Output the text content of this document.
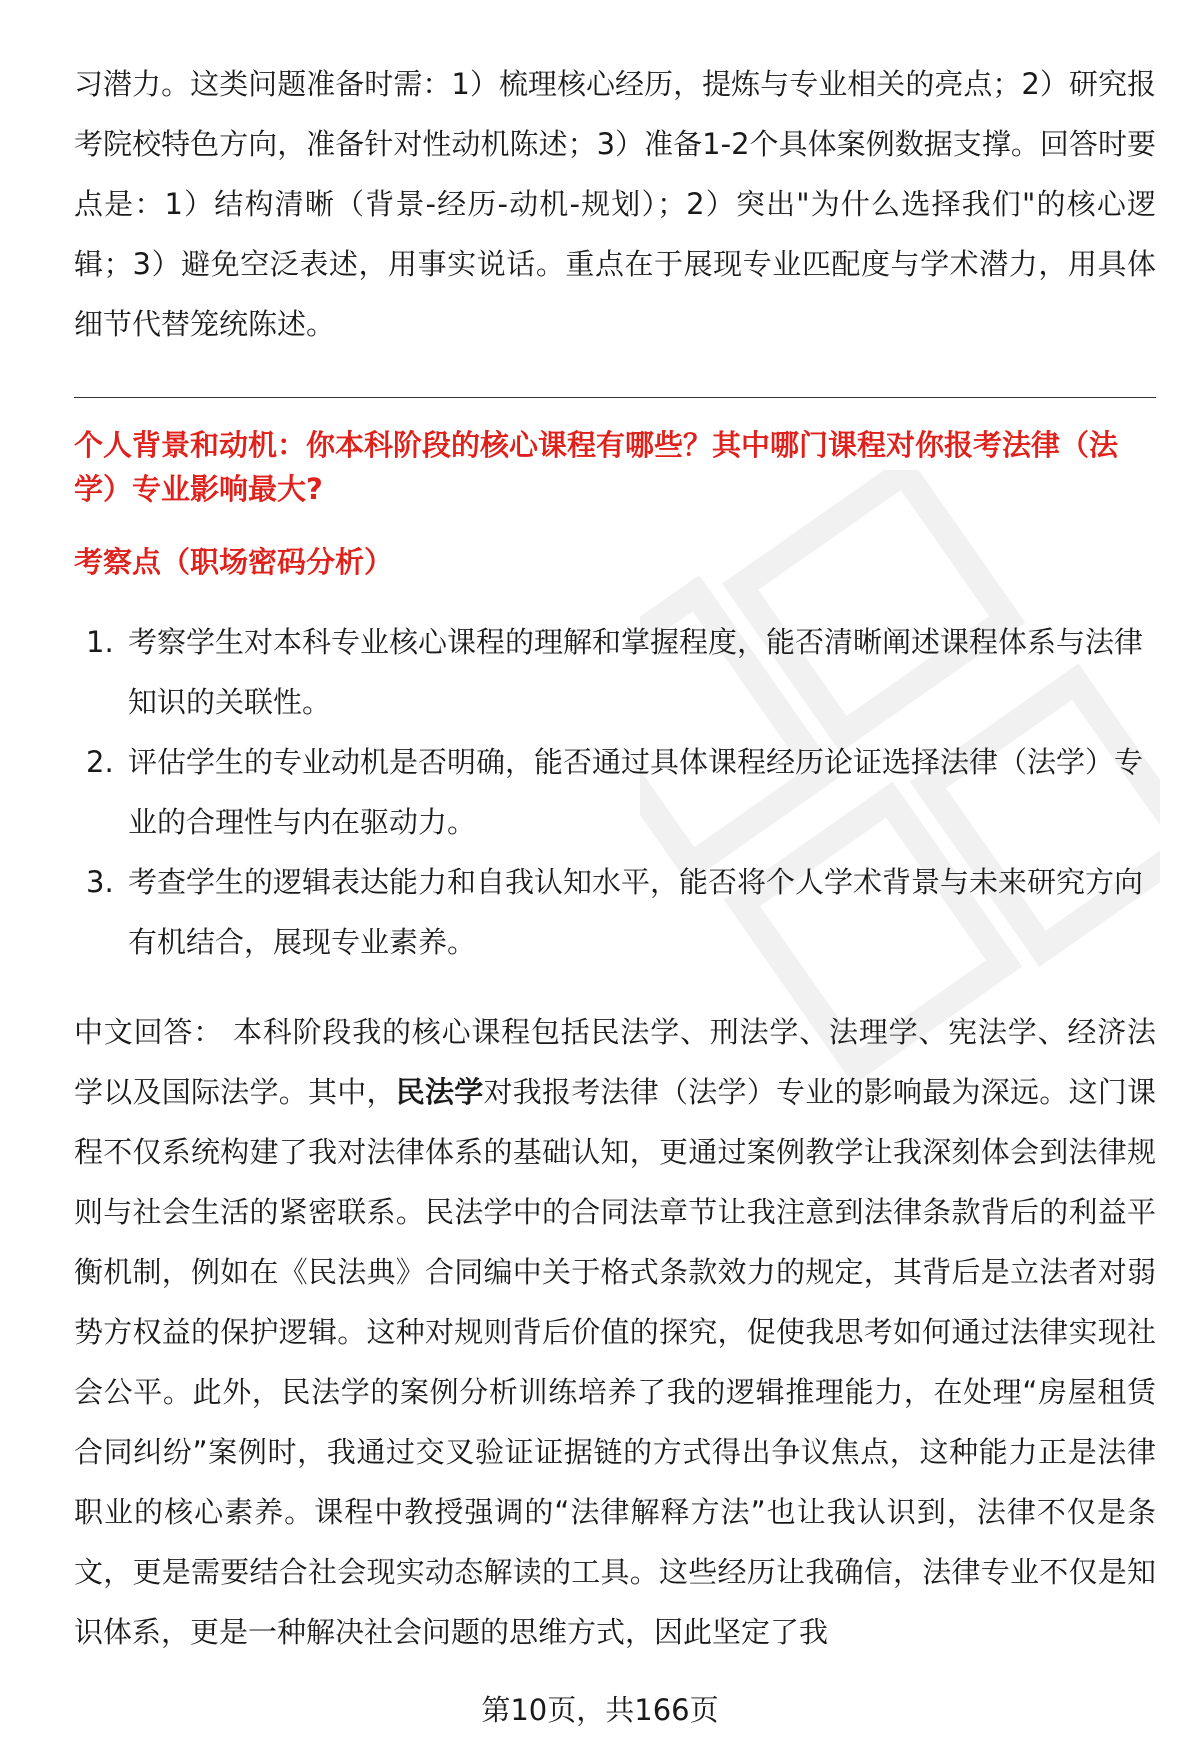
习潜力。这类问题准备时需：1）梳理核心经历，提炼与专业相关的亮点；2）研究报考院校特色方向，准备针对性动机陈述；3）准备1-2个具体案例数据支撑。回答时要点是：1）结构清晰（背景-经历-动机-规划）；2）突出"为什么选择我们"的核心逻辑；3）避免空泛表述，用事实说话。重点在于展现专业匹配度与学术潜力，用具体细节代替笼统陈述。

个人背景和动机：你本科阶段的核心课程有哪些？其中哪门课程对你报考法律（法学）专业影响最大?

考察点（职场密码分析）

1. 考察学生对本科专业核心课程的理解和掌握程度，能否清晰阐述课程体系与法律知识的关联性。
2. 评估学生的专业动机是否明确，能否通过具体课程经历论证选择法律（法学）专业的合理性与内在驱动力。
3. 考查学生的逻辑表达能力和自我认知水平，能否将个人学术背景与未来研究方向有机结合，展现专业素养。

中文回答： 本科阶段我的核心课程包括民法学、刑法学、法理学、宪法学、经济法学以及国际法学。其中，民法学对我报考法律（法学）专业的影响最为深远。这门课程不仅系统构建了我对法律体系的基础认知，更通过案例教学让我深刻体会到法律规则与社会生活的紧密联系。民法学中的合同法章节让我注意到法律条款背后的利益平衡机制，例如在《民法典》合同编中关于格式条款效力的规定，其背后是立法者对弱势方权益的保护逻辑。这种对规则背后价值的探究，促使我思考如何通过法律实现社会公平。此外，民法学的案例分析训练培养了我的逻辑推理能力，在处理“房屋租赁合同纠纷”案例时，我通过交叉验证证据链的方式得出争议焦点，这种能力正是法律职业的核心素养。课程中教授强调的“法律解释方法”也让我认识到，法律不仅是条文，更是需要结合社会现实动态解读的工具。这些经历让我确信，法律专业不仅是知识体系，更是一种解决社会问题的思维方式，因此坚定了我

第10页，共166页
